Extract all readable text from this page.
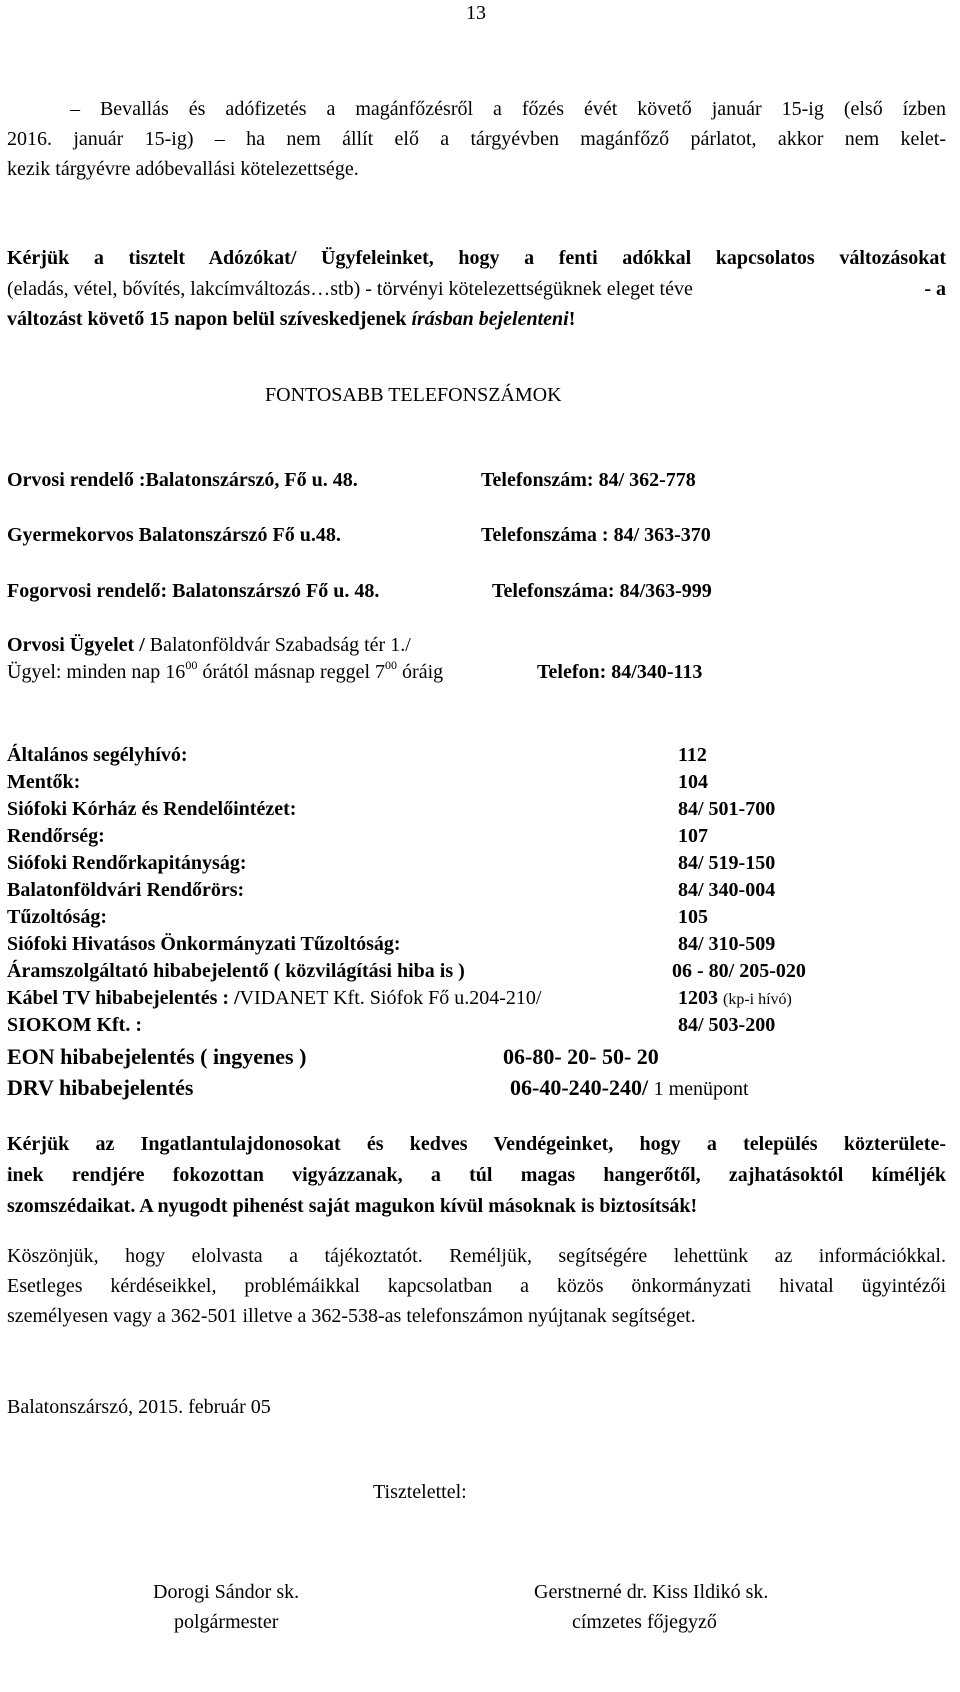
13
– Bevallás és adófizetés a magánfőzésről a főzés évét követő január 15-ig (első ízben
2016. január 15-ig) – ha nem állít elő a tárgyévben magánfőző párlatot, akkor nem kelet-
kezik tárgyévre adóbevallási kötelezettsége.
Kérjük a tisztelt Adózókat/ Ügyfeleinket, hogy a fenti adókkal kapcsolatos változásokat
(eladás, vétel, bővítés, lakcímváltozás…stb) - törvényi kötelezettségüknek eleget téve	- a
változást követő 15 napon belül szíveskedjenek írásban bejelenteni!
FONTOSABB TELEFONSZÁMOK
Orvosi rendelő :Balatonszárszó, Fő u. 48.	Telefonszám: 84/ 362-778
Gyermekorvos Balatonszárszó Fő u.48.	Telefonszáma : 84/ 363-370
Fogorvosi rendelő: Balatonszárszó Fő u. 48.	Telefonszáma: 84/363-999
Orvosi Ügyelet / Balatonföldvár Szabadság tér 1./
Ügyel: minden nap $16^{00}$ órától másnap reggel $7^{00}$ óráig	Telefon: 84/340-113
Általános segélyhívó:	112
Mentők:	104
Siófoki Kórház és Rendelőintézet:	84/ 501-700
Rendőrség:	107
Siófoki Rendőrkapitányság:	84/ 519-150
Balatonföldvári Rendőrörs:	84/ 340-004
Tűzoltóság:	105
Siófoki Hivatásos Önkormányzati Tűzoltóság:	84/ 310-509
Áramszolgáltató hibabejelentő ( közvilágítási hiba is )	06 - 80/ 205-020
Kábel TV hibabejelentés : /VIDANET Kft. Siófok Fő u.204-210/	1203 (kp-i hívó)
SIOKOM Kft. :	84/ 503-200
EON hibabejelentés ( ingyenes )	06-80- 20- 50- 20
DRV hibabejelentés	06-40-240-240/ 1 menüpont
Kérjük az Ingatlantulajdonosokat és kedves Vendégeinket, hogy a település közterülete-
inek rendjére fokozottan vigyázzanak, a túl magas hangerőtől, zajhatásoktól kíméljék
szomszédaikat. A nyugodt pihenést saját magukon kívül másoknak is biztosítsák!
Köszönjük, hogy elolvasta a tájékoztatót. Reméljük, segítségére lehettünk az információkkal.
Esetleges kérdéseikkel, problémáikkal kapcsolatban a közös önkormányzati hivatal ügyintézői
személyesen vagy a 362-501 illetve a 362-538-as telefonszámon nyújtanak segítséget.
Balatonszárszó, 2015. február 05
Tisztelettel:
Dorogi Sándor sk.
polgármester
Gerstnerné dr. Kiss Ildikó sk.
címzetes főjegyző
